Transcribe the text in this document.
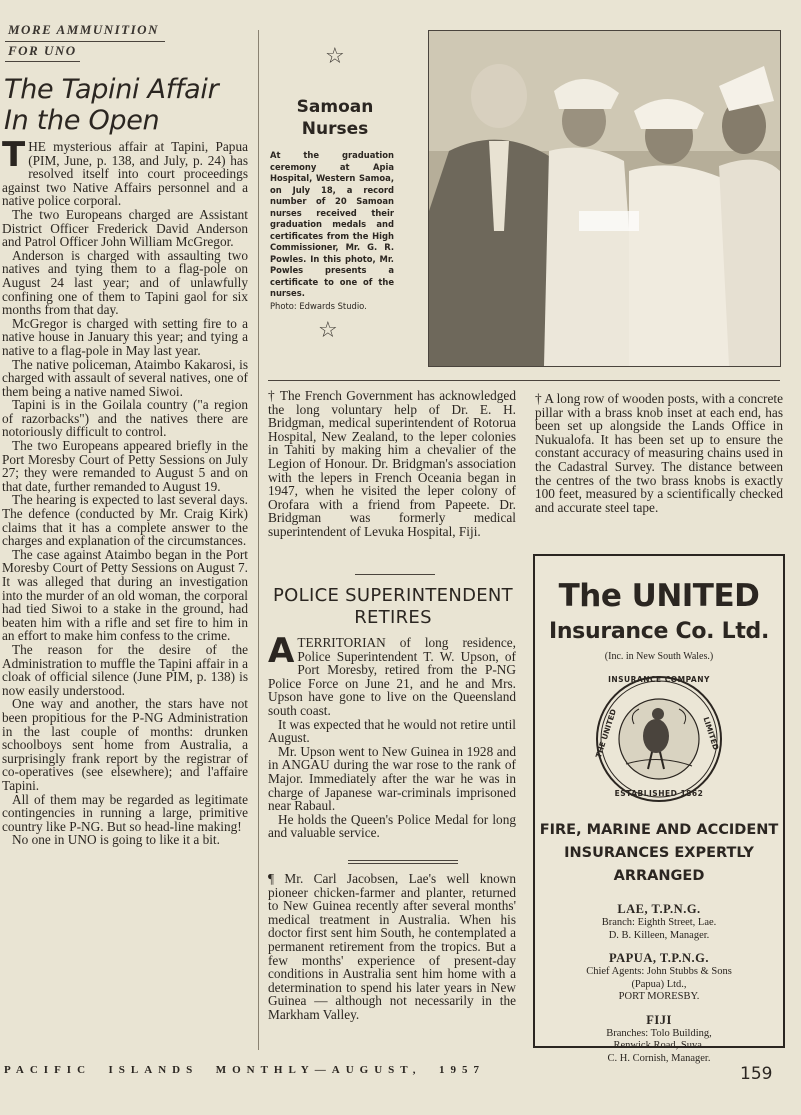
MORE AMMUNITION
FOR UNO
The Tapini Affair
In the Open

T HE mysterious affair at Tapini, Papua (PIM, June, p. 138, and July, p. 24) has resolved itself into court proceedings against two Native Affairs personnel and a native police corporal.

The two Europeans charged are Assistant District Officer Frederick David Anderson and Patrol Officer John William McGregor.

Anderson is charged with assaulting two natives and tying them to a flag-pole on August 24 last year; and of unlawfully confining one of them to Tapini gaol for six months from that day.

McGregor is charged with setting fire to a native house in January this year; and tying a native to a flag-pole in May last year.

The native policeman, Ataimbo Kakarosi, is charged with assault of several natives, one of them being a native named Siwoi.

Tapini is in the Goilala country ("a region of razorbacks") and the natives there are notoriously difficult to control.

The two Europeans appeared briefly in the Port Moresby Court of Petty Sessions on July 27; they were remanded to August 5 and on that date, further remanded to August 19.

The hearing is expected to last several days. The defence (conducted by Mr. Craig Kirk) claims that it has a complete answer to the charges and explanation of the circumstances.

The case against Ataimbo began in the Port Moresby Court of Petty Sessions on August 7. It was alleged that during an investigation into the murder of an old woman, the corporal had tied Siwoi to a stake in the ground, had beaten him with a rifle and set fire to him in an effort to make him confess to the crime.

The reason for the desire of the Administration to muffle the Tapini affair in a cloak of official silence (June PIM, p. 138) is now easily understood.

One way and another, the stars have not been propitious for the P-NG Administration in the last couple of months: drunken schoolboys sent home from Australia, a surprisingly frank report by the registrar of co-operatives (see elsewhere); and l'affaire Tapini.

All of them may be regarded as legitimate contingencies in running a large, primitive country like P-NG. But so head-line making!

No one in UNO is going to like it a bit.

☆
Samoan
Nurses
At the graduation ceremony at Apia Hospital, Western Samoa, on July 18, a record number of 20 Samoan nurses received their graduation medals and certificates from the High Commissioner, Mr. G. R. Powles. In this photo, Mr. Powles presents a certificate to one of the nurses.
Photo: Edwards Studio.
☆

† The French Government has acknowledged the long voluntary help of Dr. E. H. Bridgman, medical superintendent of Rotorua Hospital, New Zealand, to the leper colonies in Tahiti by making him a chevalier of the Legion of Honour. Dr. Bridgman's association with the lepers in French Oceania began in 1947, when he visited the leper colony of Orofara with a friend from Papeete. Dr. Bridgman was formerly medical superintendent of Levuka Hospital, Fiji.

† A long row of wooden posts, with a concrete pillar with a brass knob inset at each end, has been set up alongside the Lands Office in Nukualofa. It has been set up to ensure the constant accuracy of measuring chains used in the Cadastral Survey. The distance between the centres of the two brass knobs is exactly 100 feet, measured by a scientifically checked and accurate steel tape.

POLICE SUPERINTENDENT
RETIRES

A TERRITORIAN of long residence, Police Superintendent T. W. Upson, of Port Moresby, retired from the P-NG Police Force on June 21, and he and Mrs. Upson have gone to live on the Queensland south coast.

It was expected that he would not retire until August.

Mr. Upson went to New Guinea in 1928 and in ANGAU during the war rose to the rank of Major. Immediately after the war he was in charge of Japanese war-criminals imprisoned near Rabaul.

He holds the Queen's Police Medal for long and valuable service.

¶ Mr. Carl Jacobsen, Lae's well known pioneer chicken-farmer and planter, returned to New Guinea recently after several months' medical treatment in Australia. When his doctor first sent him South, he contemplated a permanent retirement from the tropics. But a few months' experience of present-day conditions in Australia sent him home with a determination to spend his later years in New Guinea — although not necessarily in the Markham Valley.

The UNITED
Insurance Co. Ltd.
(Inc. in New South Wales.)
INSURANCE COMPANY
THE UNITED	LIMITED
ESTABLISHED 1862
FIRE, MARINE AND ACCIDENT
INSURANCES EXPERTLY
ARRANGED
LAE, T.P.N.G.
Branch: Eighth Street, Lae.
D. B. Killeen, Manager.
PAPUA, T.P.N.G.
Chief Agents: John Stubbs & Sons
(Papua) Ltd.,
PORT MORESBY.
FIJI
Branches: Tolo Building,
Renwick Road, Suva.
C. H. Cornish, Manager.
PACIFIC  ISLANDS  MONTHLY—AUGUST,  1957	159
